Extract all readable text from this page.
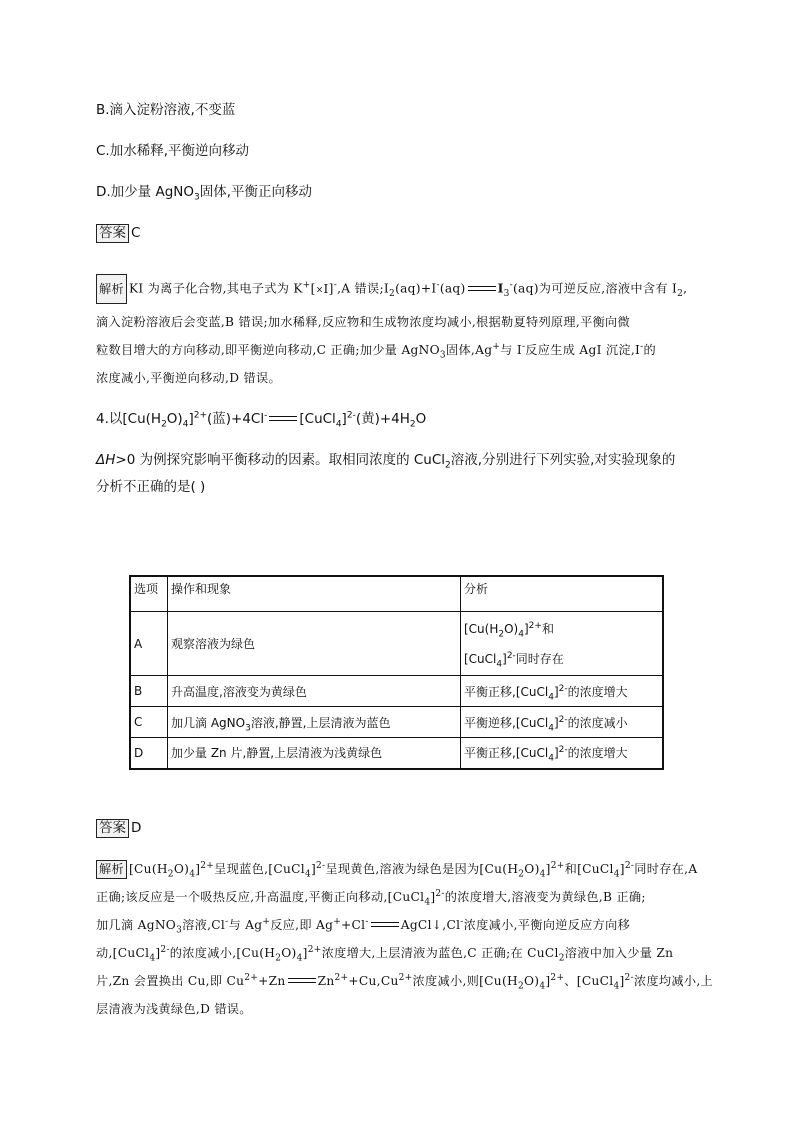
B.滴入淀粉溶液,不变蓝
C.加水稀释,平衡逆向移动
D.加少量 AgNO$_3$固体,平衡正向移动
答案 C
解析 KI 为离子化合物,其电子式为 K+[×I]-,A 错误$;I_2(aq)+I^-(aq)$	$I_3^-(aq)$为可逆反应,溶液中含有 $I_2$,
滴入淀粉溶液后会变蓝,B 错误;加水稀释,反应物和生成物浓度均减小,根据勒夏特列原理,平衡向微
粒数目增大的方向移动,即平衡逆向移动,C 正确;加少量 AgNO$_3$固体,Ag+与 I-反应生成 AgI 沉淀,I-的
浓度减小,平衡逆向移动,D 错误。
4.以$[Cu(H_2O)_4]^{2+}$(蓝)+4Cl- [CuCl$_4$]$^{2-}$(黄)$+4H_2O$
ΔH>0 为例探究影响平衡移动的因素。取相同浓度的 CuCl$_2$溶液,分别进行下列实验,对实验现象的
分析不正确的是( )
选项	操作和现象	分析
A	观察溶液为绿色	$[Cu(H_2O)_4]^{2+}$和
[CuCl$_4$]$^{2-}$同时存在

B	升高温度,溶液变为黄绿色	平衡正移,[CuCl$_4$]$^{2-}$的浓度增大
C	加几滴 AgNO$_3$溶液,静置,上层清液为蓝色	平衡逆移,[CuCl$_4$]$^{2-}$的浓度减小
D	加少量 Zn 片,静置,上层清液为浅黄绿色	平衡正移,[CuCl$_4$]$^{2-}$的浓度增大
答案 D
解析 $[Cu(H_2O)_4]^{2+}$呈现蓝色,[CuCl$_4$]$^{2-}$呈现黄色,溶液为绿色是因为$[Cu(H_2O)_4]^{2+}$和[CuCl$_4$]$^{2-}$同时存在,A
正确;该反应是一个吸热反应,升高温度,平衡正向移动,[CuCl$_4$]$^{2-}$的浓度增大,溶液变为黄绿色,B 正确;
加几滴 AgNO$_3$溶液,Cl-与 Ag+反应,即 Ag++Cl-	AgCl↓,Cl-浓度减小,平衡向逆反应方向移
动,[CuCl$_4$]$^{2-}$的浓度减小$,[Cu(H_2O)_4]^{2+}$浓度增大,上层清液为蓝色,C 正确;在 CuCl$_2$溶液中加入少量 Zn
片,Zn 会置换出 Cu,即 $Cu^{2+}+Zn$	$Zn^{2+}+Cu,Cu^{2+}$浓度减小,则$[Cu(H_2O)_4]^{2+}$、[CuCl$_4$]$^{2-}$浓度均减小,上
层清液为浅黄绿色,D 错误。
